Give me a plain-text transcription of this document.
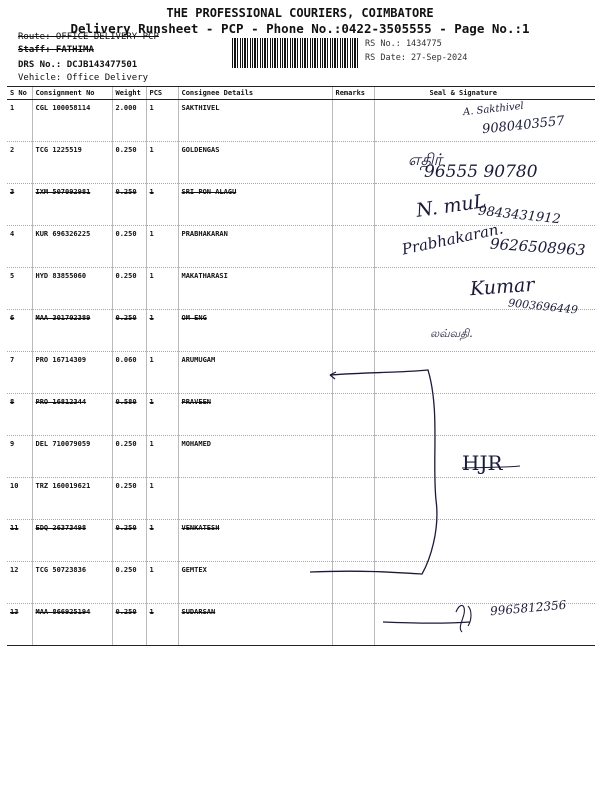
THE PROFESSIONAL COURIERS, COIMBATORE
Delivery Runsheet - PCP - Phone No.:0422-3505555 - Page No.:1
Route: OFFICE DELIVERY PCP
Staff: FATHIMA
DRS No.: DCJB143477501
Vehicle: Office Delivery
RS No.: 1434775
RS Date: 27-Sep-2024
S No	Consignment No	Weight	PCS	Consignee Details	Remarks	Seal & Signature
1	CGL 100058114	2.000	1	SAKTHIVEL		
2	TCG 1225519	0.250	1	GOLDENGAS		
3	IXM 507092981	0.250	1	SRI PON ALAGU		
4	KUR 696326225	0.250	1	PRABHAKARAN		
5	HYD 83855060	0.250	1	MAKATHARASI		
6	MAA 301702389	0.250	1	OM ENG		
7	PRO 16714309	0.060	1	ARUMUGAM		
8	PRO 16812344	0.580	1	PRAVEEN		
9	DEL 710079059	0.250	1	MOHAMED		
10	TRZ 160019621	0.250	1			
11	EDQ 26373498	0.250	1	VENKATESH		
12	TCG 50723836	0.250	1	GEMTEX		
13	MAA 866925194	0.250	1	SUDARSAN		
A. Sakthivel
9080403557
எதிர்
96555 90780
N. muL
9843431912
Prabhakaran.
9626508963
Kumar
9003696449
லவ்வதி.
HJR
9965812356
